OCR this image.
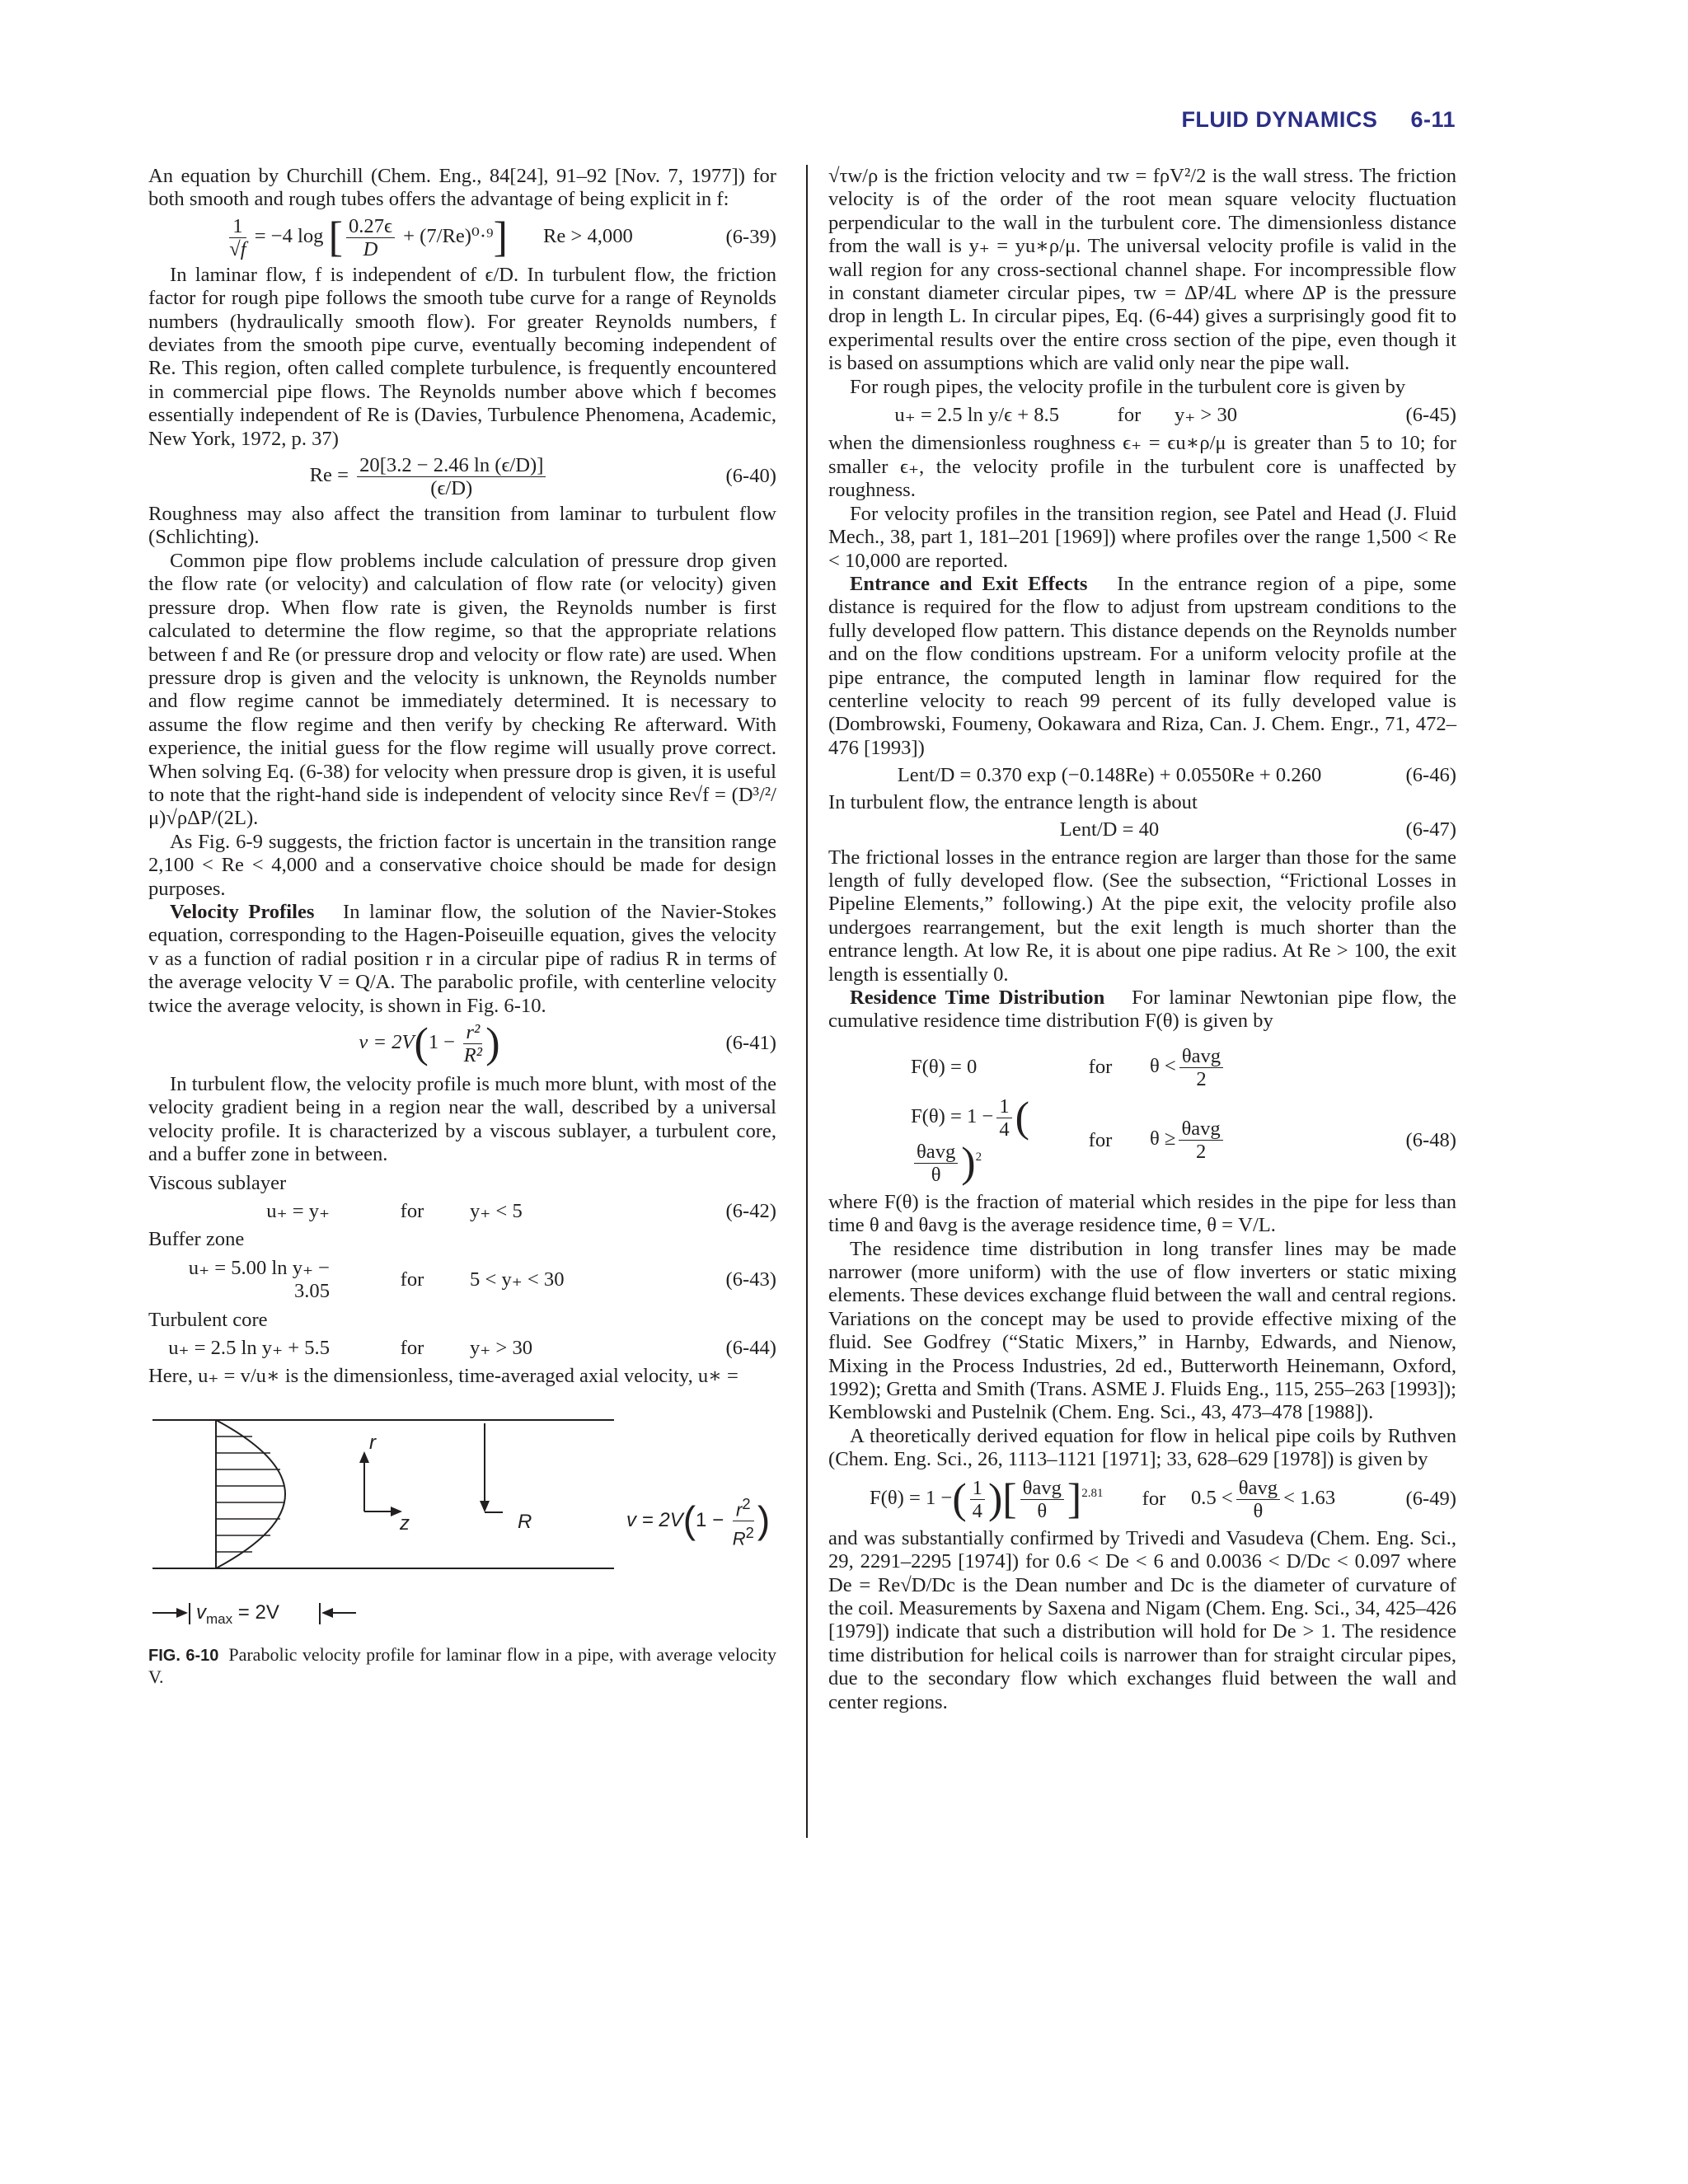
FLUID DYNAMICS 6-11

An equation by Churchill (Chem. Eng., 84[24], 91–92 [Nov. 7, 1977]) for both smooth and rough tubes offers the advantage of being explicit in f:

$\frac{1}{√f} = -4$ log [ $\frac{0.27\epsilon}{D} + (7/Re)^0\cdot^9$] Re > 4,000	(6-39)

In laminar flow, f is independent of ϵ/D. In turbulent flow, the friction factor for rough pipe follows the smooth tube curve for a range of Reynolds numbers (hydraulically smooth flow). For greater Reynolds numbers, f deviates from the smooth pipe curve, eventually becoming independent of Re. This region, often called complete turbulence, is frequently encountered in commercial pipe flows. The Reynolds number above which f becomes essentially independent of Re is (Davies, Turbulence Phenomena, Academic, New York, 1972, p. 37)

$Re = \frac{20[3.2 - 2.46 \ln (\epsilon/D)]}{(\epsilon/D)}$	(6-40)

Roughness may also affect the transition from laminar to turbulent flow (Schlichting).

Common pipe flow problems include calculation of pressure drop given the flow rate (or velocity) and calculation of flow rate (or velocity) given pressure drop. When flow rate is given, the Reynolds number is first calculated to determine the flow regime, so that the appropriate relations between f and Re (or pressure drop and velocity or flow rate) are used. When pressure drop is given and the velocity is unknown, the Reynolds number and flow regime cannot be immediately determined. It is necessary to assume the flow regime and then verify by checking Re afterward. With experience, the initial guess for the flow regime will usually prove correct. When solving Eq. (6-38) for velocity when pressure drop is given, it is useful to note that the right-hand side is independent of velocity since Re√f = (D³/²/μ)√ρΔP/(2L).

As Fig. 6-9 suggests, the friction factor is uncertain in the transition range 2,100 < Re < 4,000 and a conservative choice should be made for design purposes.

Velocity Profiles In laminar flow, the solution of the Navier-Stokes equation, corresponding to the Hagen-Poiseuille equation, gives the velocity v as a function of radial position r in a circular pipe of radius R in terms of the average velocity V = Q/A. The parabolic profile, with centerline velocity twice the average velocity, is shown in Fig. 6-10.

$v = 2V(1 - \frac{\text{r²}}{\text{R²}}$ )	(6-41)

In turbulent flow, the velocity profile is much more blunt, with most of the velocity gradient being in a region near the wall, described by a universal velocity profile. It is characterized by a viscous sublayer, a turbulent core, and a buffer zone in between.

Viscous sublayer

u₊ = y₊	for	y₊ < 5	(6-42)

Buffer zone

u₊ = 5.00 ln y₊ − 3.05
for	5 < y₊ < 30	(6-43)

Turbulent core

u₊ = 2.5 ln y₊ + 5.5	for	y₊ > 30	(6-44)

Here, u₊ = v/u∗ is the dimensionless, time-averaged axial velocity, u∗ =

r
z	R	$v = 2V(1 - \frac{r^2}{R^2}$ )
$v_{max} = 2V$

FIG. 6-10 Parabolic velocity profile for laminar flow in a pipe, with average velocity V.

√τw/ρ is the friction velocity and τw = fρV²/2 is the wall stress. The friction velocity is of the order of the root mean square velocity fluctuation perpendicular to the wall in the turbulent core. The dimensionless distance from the wall is y₊ = yu∗ρ/μ. The universal velocity profile is valid in the wall region for any cross-sectional channel shape. For incompressible flow in constant diameter circular pipes, τw = ΔP/4L where ΔP is the pressure drop in length L. In circular pipes, Eq. (6-44) gives a surprisingly good fit to experimental results over the entire cross section of the pipe, even though it is based on assumptions which are valid only near the pipe wall.

For rough pipes, the velocity profile in the turbulent core is given by

u₊ = 2.5 ln y/ϵ + 8.5	for	y₊ > 30	(6-45)

when the dimensionless roughness ϵ₊ = ϵu∗ρ/μ is greater than 5 to 10; for smaller ϵ₊, the velocity profile in the turbulent core is unaffected by roughness.

For velocity profiles in the transition region, see Patel and Head (J. Fluid Mech., 38, part 1, 181–201 [1969]) where profiles over the range 1,500 < Re < 10,000 are reported.

Entrance and Exit Effects In the entrance region of a pipe, some distance is required for the flow to adjust from upstream conditions to the fully developed flow pattern. This distance depends on the Reynolds number and on the flow conditions upstream. For a uniform velocity profile at the pipe entrance, the computed length in laminar flow required for the centerline velocity to reach 99 percent of its fully developed value is (Dombrowski, Foumeny, Ookawara and Riza, Can. J. Chem. Engr., 71, 472–476 [1993])

Lent/D = 0.370 exp (−0.148Re) + 0.0550Re + 0.260	(6-46)

In turbulent flow, the entrance length is about

Lent/D = 40	(6-47)

The frictional losses in the entrance region are larger than those for the same length of fully developed flow. (See the subsection, “Frictional Losses in Pipeline Elements,” following.) At the pipe exit, the velocity profile also undergoes rearrangement, but the exit length is much shorter than the entrance length. At low Re, it is about one pipe radius. At Re > 100, the exit length is essentially 0.

Residence Time Distribution For laminar Newtonian pipe flow, the cumulative residence time distribution F(θ) is given by

F(θ) = 0	for	$\theta < \frac{\text{θavg}}{2}$
$F(\theta) = 1 - \frac{1}{4}$ (
$\frac{\text{θavg}}{\theta} )^2$
for	$\theta \ge \frac{\text{θavg}}{2}$	(6-48)

where F(θ) is the fraction of material which resides in the pipe for less than time θ and θavg is the average residence time, θ = V/L.

The residence time distribution in long transfer lines may be made narrower (more uniform) with the use of flow inverters or static mixing elements. These devices exchange fluid between the wall and central regions. Variations on the concept may be used to provide effective mixing of the fluid. See Godfrey (“Static Mixers,” in Harnby, Edwards, and Nienow, Mixing in the Process Industries, 2d ed., Butterworth Heinemann, Oxford, 1992); Gretta and Smith (Trans. ASME J. Fluids Eng., 115, 255–263 [1993]); Kemblowski and Pustelnik (Chem. Eng. Sci., 43, 473–478 [1988]).

A theoretically derived equation for flow in helical pipe coils by Ruthven (Chem. Eng. Sci., 26, 1113–1121 [1971]; 33, 628–629 [1978]) is given by

F(θ) = 1 −( $\frac{1}{4}$ )[ $\frac{\text{θavg}}{\theta} ]^{2.81}$	for	$0.5 < \frac{\text{θavg}}{\theta} < 1.63$	(6-49)

and was substantially confirmed by Trivedi and Vasudeva (Chem. Eng. Sci., 29, 2291–2295 [1974]) for 0.6 < De < 6 and 0.0036 < D/Dc < 0.097 where De = Re√D/Dc is the Dean number and Dc is the diameter of curvature of the coil. Measurements by Saxena and Nigam (Chem. Eng. Sci., 34, 425–426 [1979]) indicate that such a distribution will hold for De > 1. The residence time distribution for helical coils is narrower than for straight circular pipes, due to the secondary flow which exchanges fluid between the wall and center regions.
